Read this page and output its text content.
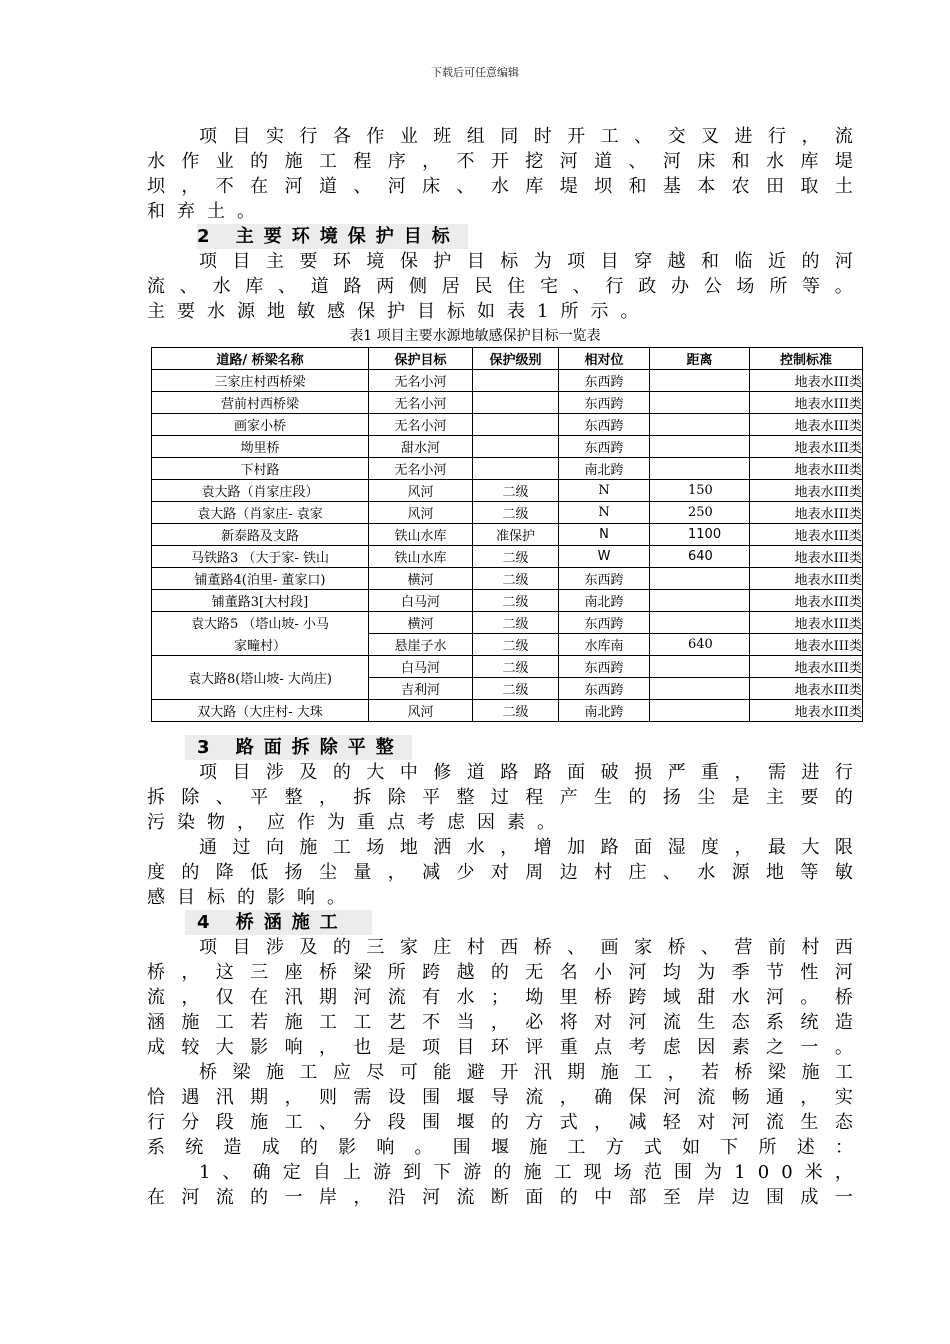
下载后可任意编辑
项 目 实 行 各 作 业 班 组 同 时 开 工 、 交 叉 进 行 ， 流
水 作 业 的 施 工 程 序 ， 不 开 挖 河 道 、 河 床 和 水 库 堤
坝 ， 不 在 河 道 、 河 床 、 水 库 堤 坝 和 基 本 农 田 取 土
和弃土。
2 主要环境保护目标
项 目 主 要 环 境 保 护 目 标 为 项 目 穿 越 和 临 近 的 河
流 、 水 库 、 道 路 两 侧 居 民 住 宅 、 行 政 办 公 场 所 等 。
主要水源地敏感保护目标如表1所示。
表1 项目主要水源地敏感保护目标一览表
道路/ 桥梁名称	保护目标	保护级别	相对位	距离	控制标准
三家庄村西桥梁	无名小河		东西跨		地表水III类
营前村西桥梁	无名小河		东西跨		地表水III类
画家小桥	无名小河		东西跨		地表水III类
坳里桥	甜水河		东西跨		地表水III类
下村路	无名小河		南北跨		地表水III类
袁大路（肖家庄段）	风河	二级	N	150	地表水III类
袁大路（肖家庄- 袁家	风河	二级	N	250	地表水III类
新泰路及支路	铁山水库	准保护	N	1100	地表水III类
马铁路3 （大于家- 铁山	铁山水库	二级	W	640	地表水III类
铺董路4(泊里- 董家口)	横河	二级	东西跨		地表水III类
铺董路3[大村段]	白马河	二级	南北跨		地表水III类
袁大路5 （塔山坡- 小马	横河	二级	东西跨		地表水III类
家疃村）	悬崖子水	二级	水库南	640	地表水III类
袁大路8(塔山坡- 大尚庄)	白马河	二级	东西跨		地表水III类
	吉利河	二级	东西跨		地表水III类
双大路（大庄村- 大珠	风河	二级	南北跨		地表水III类
3 路面拆除平整
项 目 涉 及 的 大 中 修 道 路 路 面 破 损 严 重 ， 需 进 行
拆 除 、 平 整 ， 拆 除 平 整 过 程 产 生 的 扬 尘 是 主 要 的
污染物，应作为重点考虑因素。
通 过 向 施 工 场 地 洒 水 ， 增 加 路 面 湿 度 ， 最 大 限
度 的 降 低 扬 尘 量 ， 减 少 对 周 边 村 庄 、 水 源 地 等 敏
感目标的影响。
4 桥涵施工
项 目 涉 及 的 三 家 庄 村 西 桥 、 画 家 桥 、 营 前 村 西
桥 ， 这 三 座 桥 梁 所 跨 越 的 无 名 小 河 均 为 季 节 性 河
流 ， 仅 在 汛 期 河 流 有 水 ； 坳 里 桥 跨 域 甜 水 河 。 桥
涵 施 工 若 施 工 工 艺 不 当 ， 必 将 对 河 流 生 态 系 统 造
成 较 大 影 响 ， 也 是 项 目 环 评 重 点 考 虑 因 素 之 一 。
桥 梁 施 工 应 尽 可 能 避 开 汛 期 施 工 ， 若 桥 梁 施 工
恰 遇 汛 期 ， 则 需 设 围 堰 导 流 ， 确 保 河 流 畅 通 ， 实
行 分 段 施 工 、 分 段 围 堰 的 方 式 ， 减 轻 对 河 流 生 态
系 统 造 成 的 影 响 。 围 堰 施 工 方 式 如 下 所 述 ：
1 、 确 定 自 上 游 到 下 游 的 施 工 现 场 范 围 为 1 0 0 米 ，
在 河 流 的 一 岸 ， 沿 河 流 断 面 的 中 部 至 岸 边 围 成 一
